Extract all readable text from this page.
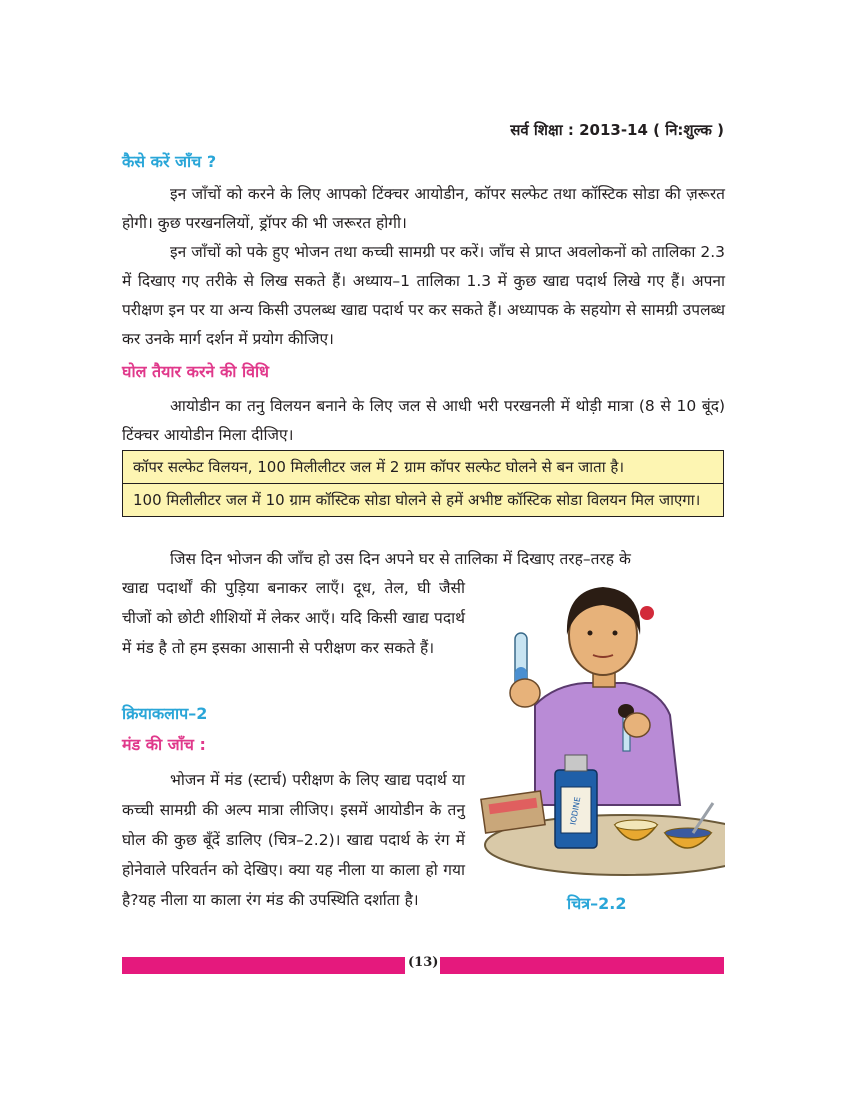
सर्व शिक्षा : 2013-14 ( नि:शुल्क )
कैसे करें जाँच ?

इन जाँचों को करने के लिए आपको टिंक्चर आयोडीन, कॉपर सल्फेट तथा कॉस्टिक सोडा की ज़रूरत होगी। कुछ परखनलियों, ड्रॉपर की भी जरूरत होगी।

इन जाँचों को पके हुए भोजन तथा कच्ची सामग्री पर करें। जाँच से प्राप्त अवलोकनों को तालिका 2.3 में दिखाए गए तरीके से लिख सकते हैं। अध्याय–1 तालिका 1.3 में कुछ खाद्य पदार्थ लिखे गए हैं। अपना परीक्षण इन पर या अन्य किसी उपलब्ध खाद्य पदार्थ पर कर सकते हैं। अध्यापक के सहयोग से सामग्री उपलब्ध कर उनके मार्ग दर्शन में प्रयोग कीजिए।

घोल तैयार करने की विधि

आयोडीन का तनु विलयन बनाने के लिए जल से आधी भरी परखनली में थोड़ी मात्रा (8 से 10 बूंद) टिंक्चर आयोडीन मिला दीजिए।

कॉपर सल्फेट विलयन, 100 मिलीलीटर जल में 2 ग्राम कॉपर सल्फेट घोलने से बन जाता है।
100 मिलीलीटर जल में 10 ग्राम कॉस्टिक सोडा घोलने से हमें अभीष्ट कॉस्टिक सोडा विलयन मिल जाएगा।

जिस दिन भोजन की जाँच हो उस दिन अपने घर से तालिका में दिखाए तरह–तरह के

खाद्य पदार्थों की पुड़िया बनाकर लाएँ। दूध, तेल, घी जैसी चीजों को छोटी शीशियों में लेकर आएँ। यदि किसी खाद्य पदार्थ में मंड है तो हम इसका आसानी से परीक्षण कर सकते हैं।

क्रियाकलाप–2
मंड की जाँच :

भोजन में मंड (स्टार्च) परीक्षण के लिए खाद्य पदार्थ या कच्ची सामग्री की अल्प मात्रा लीजिए। इसमें आयोडीन के तनु घोल की कुछ बूँदें डालिए (चित्र–2.2)। खाद्य पदार्थ के रंग में होनेवाले परिवर्तन को देखिए। क्या यह नीला या काला हो गया है?यह नीला या काला रंग मंड की उपस्थिति दर्शाता है।

IODINE
चित्र–2.2
(13)
